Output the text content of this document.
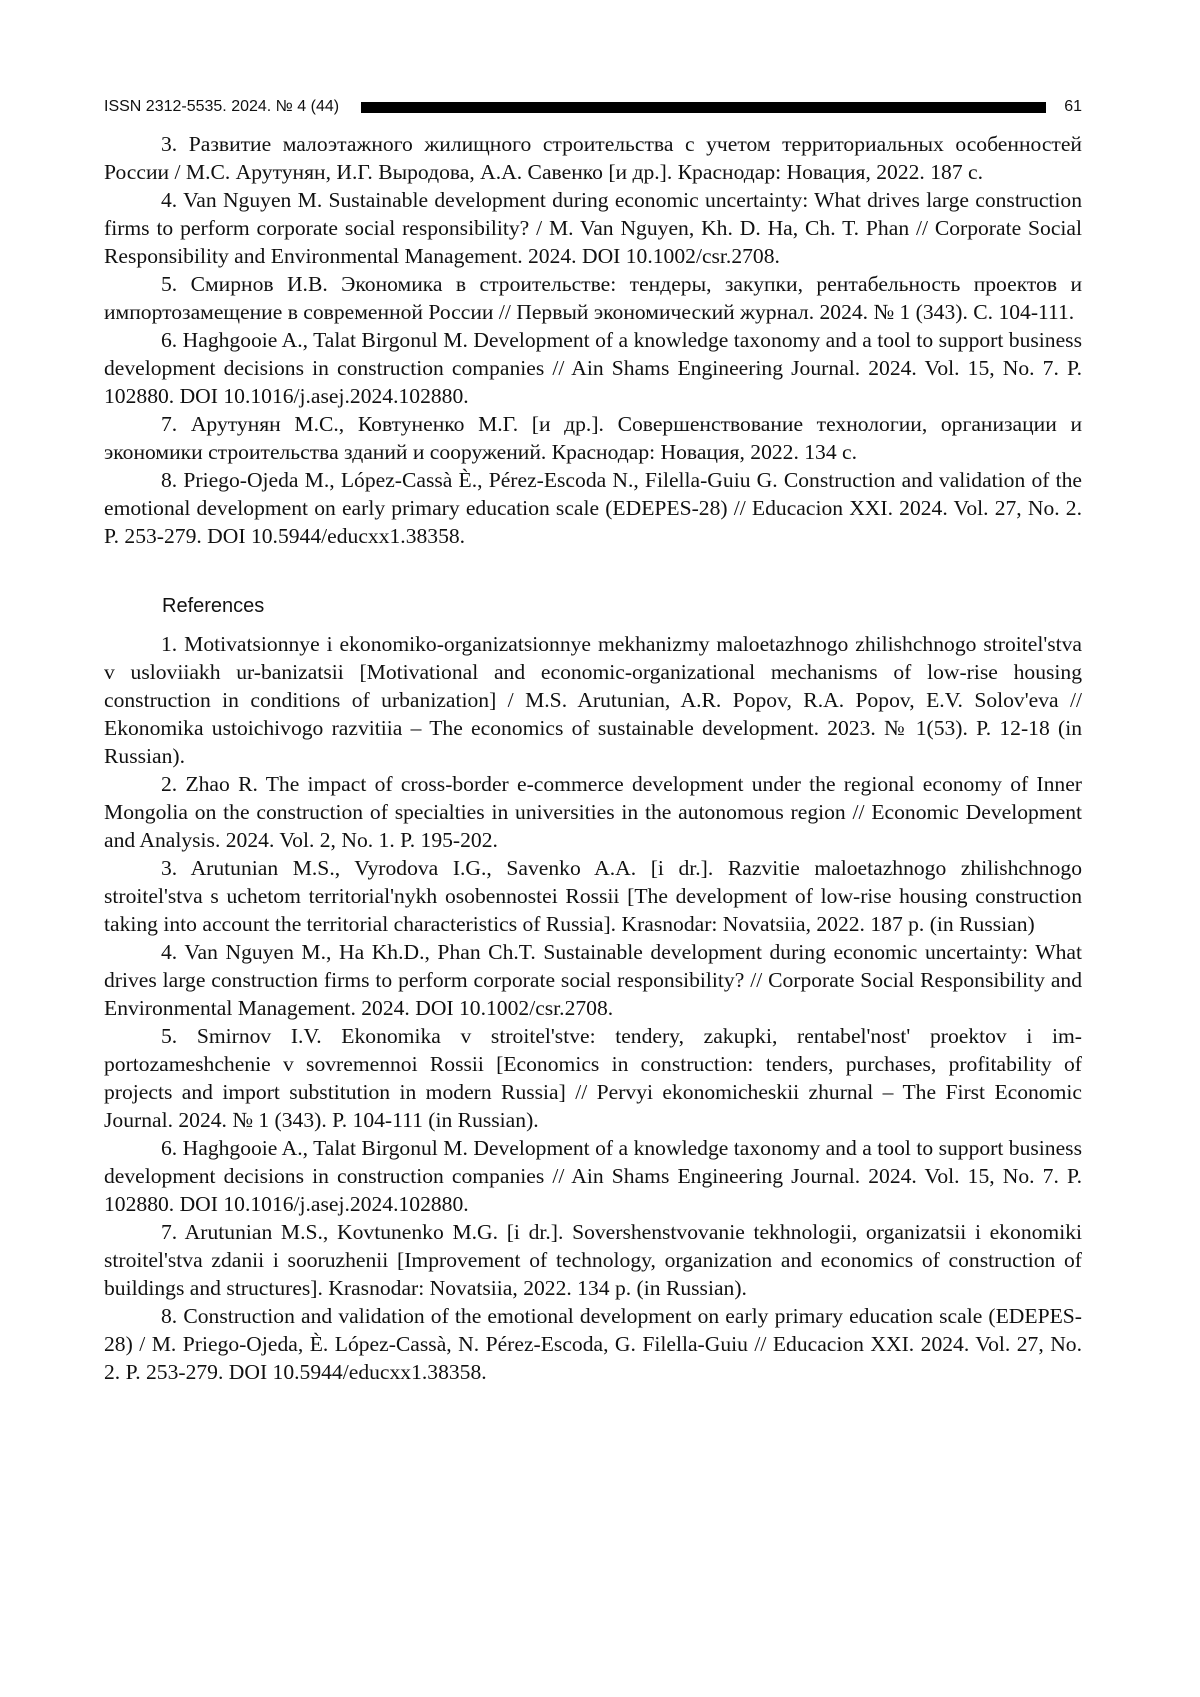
ISSN 2312-5535. 2024. № 4 (44)	61

3. Развитие малоэтажного жилищного строительства с учетом территориальных особенностей России / М.С. Арутунян, И.Г. Выродова, А.А. Савенко [и др.]. Краснодар: Новация, 2022. 187 с.

4. Van Nguyen M. Sustainable development during economic uncertainty: What drives large construction firms to perform corporate social responsibility? / M. Van Nguyen, Kh. D. Ha, Ch. T. Phan // Corporate Social Responsibility and Environmental Management. 2024. DOI 10.1002/csr.2708.

5. Смирнов И.В. Экономика в строительстве: тендеры, закупки, рентабельность проектов и импортозамещение в современной России // Первый экономический журнал. 2024. № 1 (343). С. 104-111.

6. Haghgooie A., Talat Birgonul M. Development of a knowledge taxonomy and a tool to support business development decisions in construction companies // Ain Shams Engineering Journal. 2024. Vol. 15, No. 7. P. 102880. DOI 10.1016/j.asej.2024.102880.

7. Арутунян М.С., Ковтуненко М.Г. [и др.]. Совершенствование технологии, организации и экономики строительства зданий и сооружений. Краснодар: Новация, 2022. 134 с.

8. Priego-Ojeda M., López-Cassà È., Pérez-Escoda N., Filella-Guiu G. Construction and validation of the emotional development on early primary education scale (EDEPES-28) // Educacion XXI. 2024. Vol. 27, No. 2. P. 253-279. DOI 10.5944/educxx1.38358.

References

1. Motivatsionnye i ekonomiko-organizatsionnye mekhanizmy maloetazhnogo zhilishchnogo stroitel'stva v usloviiakh ur-banizatsii [Motivational and economic-organizational mechanisms of low-rise housing construction in conditions of urbanization] / M.S. Arutunian, A.R. Popov, R.A. Popov, E.V. Solov'eva // Ekonomika ustoichivogo razvitiia – The economics of sustainable development. 2023. № 1(53). P. 12-18 (in Russian).

2. Zhao R. The impact of cross-border e-commerce development under the regional economy of Inner Mongolia on the construction of specialties in universities in the autonomous region // Economic Development and Analysis. 2024. Vol. 2, No. 1. P. 195-202.

3. Arutunian M.S., Vyrodova I.G., Savenko A.A. [i dr.]. Razvitie maloetazhnogo zhilishchnogo stroitel'stva s uchetom territorial'nykh osobennostei Rossii [The development of low-rise housing construction taking into account the territorial characteristics of Russia]. Krasnodar: Novatsiia, 2022. 187 p. (in Russian)

4. Van Nguyen M., Ha Kh.D., Phan Ch.T. Sustainable development during economic uncertainty: What drives large construction firms to perform corporate social responsibility? // Corporate Social Responsibility and Environmental Management. 2024. DOI 10.1002/csr.2708.

5. Smirnov I.V. Ekonomika v stroitel'stve: tendery, zakupki, rentabel'nost' proektov i importozameshchenie v sovremennoi Rossii [Economics in construction: tenders, purchases, profitability of projects and import substitution in modern Russia] // Pervyi ekonomicheskii zhurnal – The First Economic Journal. 2024. № 1 (343). P. 104-111 (in Russian).

6. Haghgooie A., Talat Birgonul M. Development of a knowledge taxonomy and a tool to support business development decisions in construction companies // Ain Shams Engineering Journal. 2024. Vol. 15, No. 7. P. 102880. DOI 10.1016/j.asej.2024.102880.

7. Arutunian M.S., Kovtunenko M.G. [i dr.]. Sovershenstvovanie tekhnologii, organizatsii i ekonomiki stroitel'stva zdanii i sooruzhenii [Improvement of technology, organization and economics of construction of buildings and structures]. Krasnodar: Novatsiia, 2022. 134 p. (in Russian).

8. Construction and validation of the emotional development on early primary education scale (EDEPES-28) / M. Priego-Ojeda, È. López-Cassà, N. Pérez-Escoda, G. Filella-Guiu // Educacion XXI. 2024. Vol. 27, No. 2. P. 253-279. DOI 10.5944/educxx1.38358.
